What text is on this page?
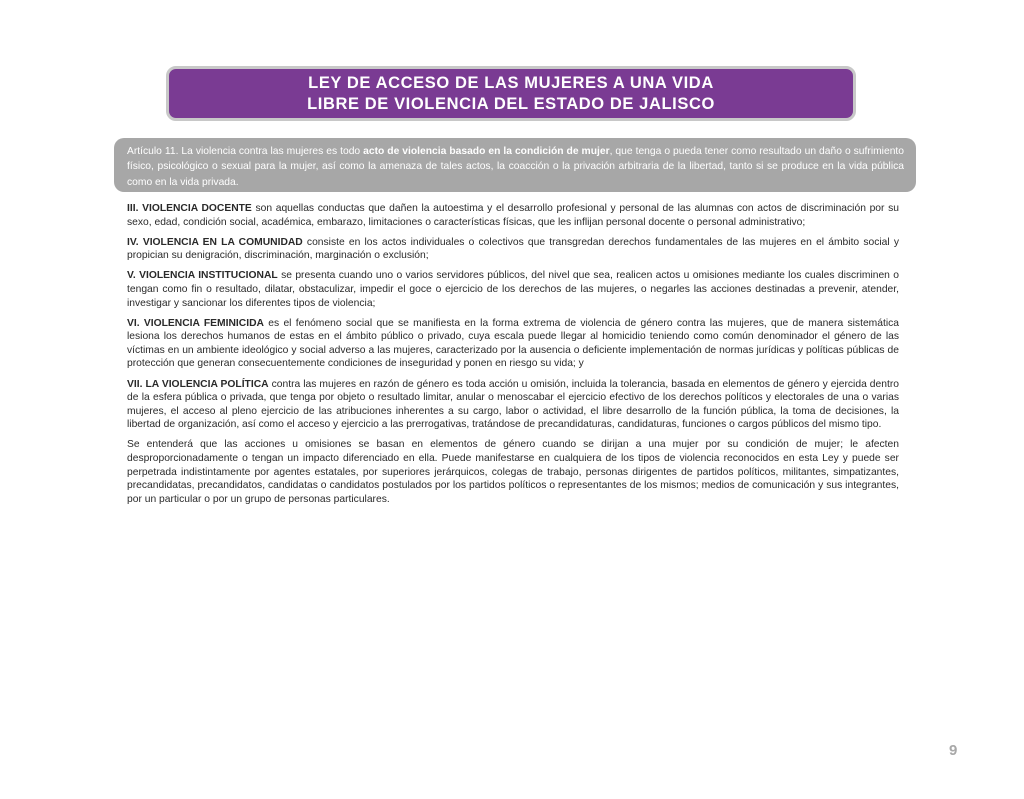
LEY DE ACCESO DE LAS MUJERES A UNA VIDA
LIBRE DE VIOLENCIA DEL ESTADO DE JALISCO
Artículo 11. La violencia contra las mujeres es todo acto de violencia basado en la condición de mujer, que tenga o pueda tener como resultado un daño o sufrimiento físico, psicológico o sexual para la mujer, así como la amenaza de tales actos, la coacción o la privación arbitraria de la libertad, tanto si se produce en la vida pública como en la vida privada.

III. VIOLENCIA DOCENTE son aquellas conductas que dañen la autoestima y el desarrollo profesional y personal de las alumnas con actos de discriminación por su sexo, edad, condición social, académica, embarazo, limitaciones o características físicas, que les inflijan personal docente o personal administrativo;

IV. VIOLENCIA EN LA COMUNIDAD consiste en los actos individuales o colectivos que transgredan derechos fundamentales de las mujeres en el ámbito social y propician su denigración, discriminación, marginación o exclusión;

V. VIOLENCIA INSTITUCIONAL se presenta cuando uno o varios servidores públicos, del nivel que sea, realicen actos u omisiones mediante los cuales discriminen o tengan como fin o resultado, dilatar, obstaculizar, impedir el goce o ejercicio de los derechos de las mujeres, o negarles las acciones destinadas a prevenir, atender, investigar y sancionar los diferentes tipos de violencia;

VI. VIOLENCIA FEMINICIDA es el fenómeno social que se manifiesta en la forma extrema de violencia de género contra las mujeres, que de manera sistemática lesiona los derechos humanos de estas en el ámbito público o privado, cuya escala puede llegar al homicidio teniendo como común denominador el género de las víctimas en un ambiente ideológico y social adverso a las mujeres, caracterizado por la ausencia o deficiente implementación de normas jurídicas y políticas públicas de protección que generan consecuentemente condiciones de inseguridad y ponen en riesgo su vida; y

VII. LA VIOLENCIA POLÍTICA contra las mujeres en razón de género es toda acción u omisión, incluida la tolerancia, basada en elementos de género y ejercida dentro de la esfera pública o privada, que tenga por objeto o resultado limitar, anular o menoscabar el ejercicio efectivo de los derechos políticos y electorales de una o varias mujeres, el acceso al pleno ejercicio de las atribuciones inherentes a su cargo, labor o actividad, el libre desarrollo de la función pública, la toma de decisiones, la libertad de organización, así como el acceso y ejercicio a las prerrogativas, tratándose de precandidaturas, candidaturas, funciones o cargos públicos del mismo tipo.

Se entenderá que las acciones u omisiones se basan en elementos de género cuando se dirijan a una mujer por su condición de mujer; le afecten desproporcionadamente o tengan un impacto diferenciado en ella. Puede manifestarse en cualquiera de los tipos de violencia reconocidos en esta Ley y puede ser perpetrada indistintamente por agentes estatales, por superiores jerárquicos, colegas de trabajo, personas dirigentes de partidos políticos, militantes, simpatizantes, precandidatas, precandidatos, candidatas o candidatos postulados por los partidos políticos o representantes de los mismos; medios de comunicación y sus integrantes, por un particular o por un grupo de personas particulares.

9
